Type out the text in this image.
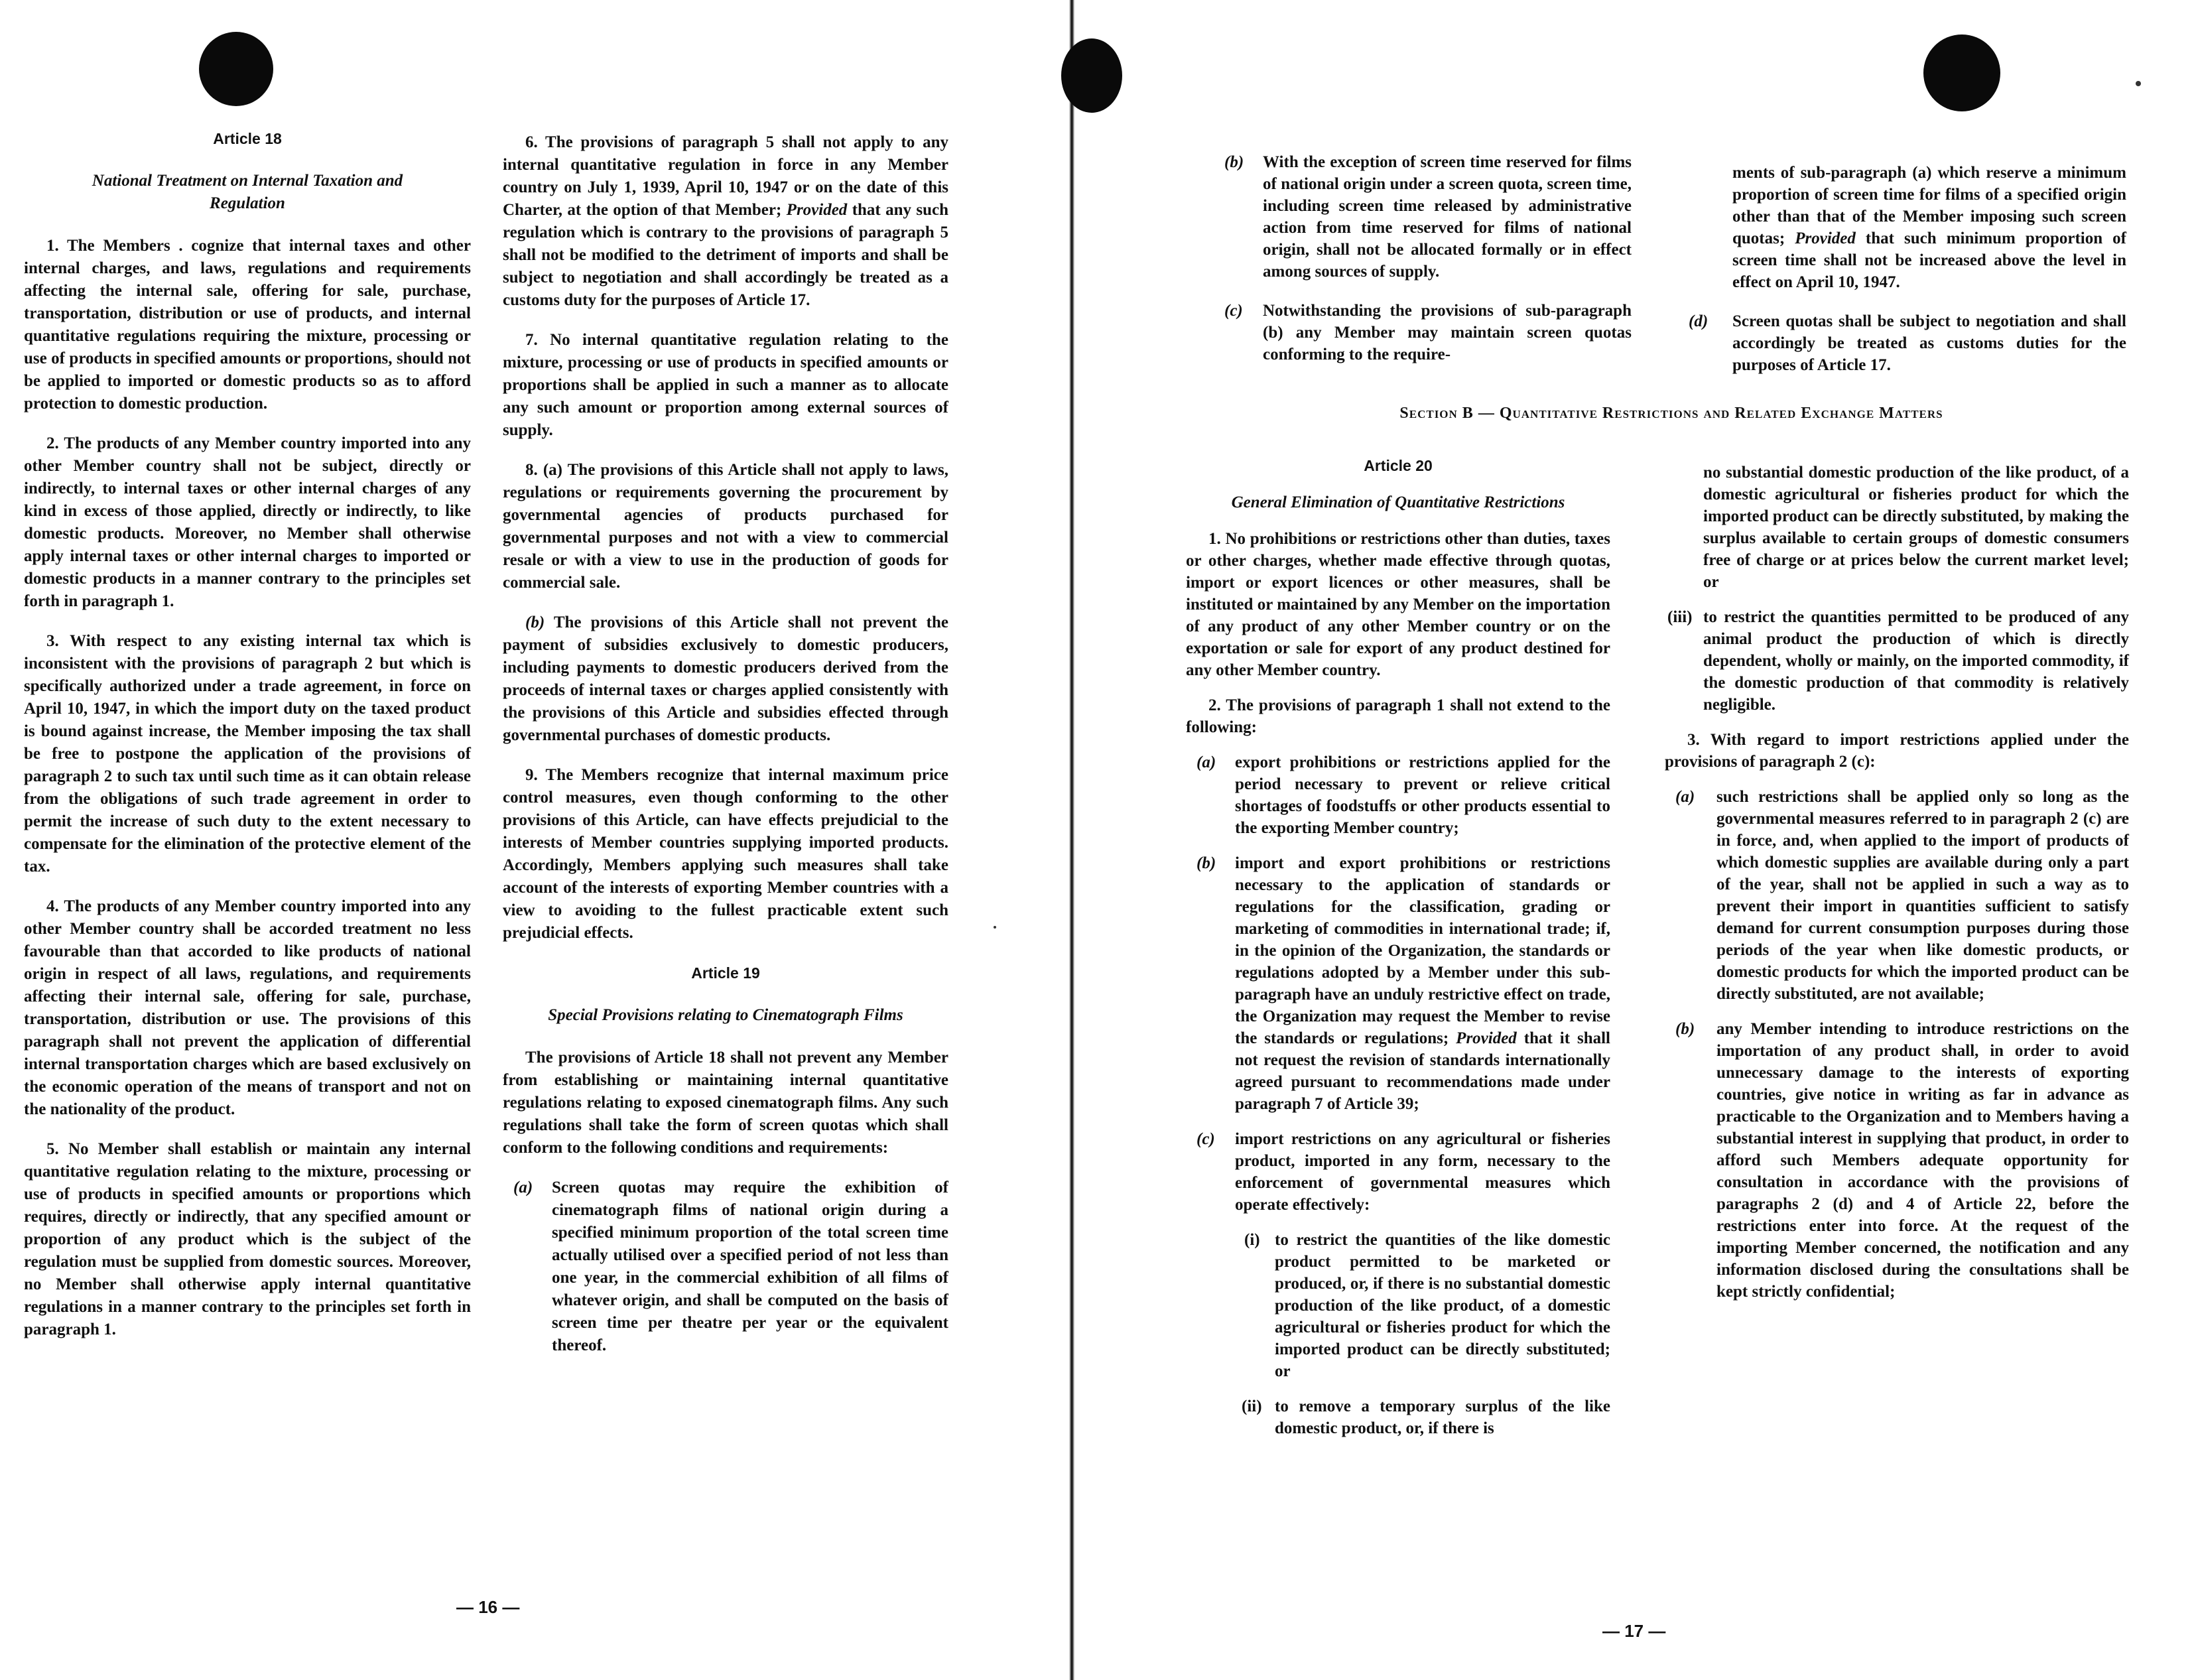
Article 18
National Treatment on Internal Taxation and Regulation

1. The Members . cognize that internal taxes and other internal charges, and laws, regulations and requirements affecting the internal sale, offering for sale, purchase, transportation, distribution or use of products, and internal quantitative regulations requiring the mixture, processing or use of products in specified amounts or proportions, should not be applied to imported or domestic products so as to afford protection to domestic production.

2. The products of any Member country imported into any other Member country shall not be subject, directly or indirectly, to internal taxes or other internal charges of any kind in excess of those applied, directly or indirectly, to like domestic products. Moreover, no Member shall otherwise apply internal taxes or other internal charges to imported or domestic products in a manner contrary to the principles set forth in paragraph 1.

3. With respect to any existing internal tax which is inconsistent with the provisions of paragraph 2 but which is specifically authorized under a trade agreement, in force on April 10, 1947, in which the import duty on the taxed product is bound against increase, the Member imposing the tax shall be free to postpone the application of the provisions of paragraph 2 to such tax until such time as it can obtain release from the obligations of such trade agreement in order to permit the increase of such duty to the extent necessary to compensate for the elimination of the protective element of the tax.

4. The products of any Member country imported into any other Member country shall be accorded treatment no less favourable than that accorded to like products of national origin in respect of all laws, regulations, and requirements affecting their internal sale, offering for sale, purchase, transportation, distribution or use. The provisions of this paragraph shall not prevent the application of differential internal transportation charges which are based exclusively on the economic operation of the means of transport and not on the nationality of the product.

5. No Member shall establish or maintain any internal quantitative regulation relating to the mixture, processing or use of products in specified amounts or proportions which requires, directly or indirectly, that any specified amount or proportion of any product which is the subject of the regulation must be supplied from domestic sources. Moreover, no Member shall otherwise apply internal quantitative regulations in a manner contrary to the principles set forth in paragraph 1.

6. The provisions of paragraph 5 shall not apply to any internal quantitative regulation in force in any Member country on July 1, 1939, April 10, 1947 or on the date of this Charter, at the option of that Member; Provided that any such regulation which is contrary to the provisions of paragraph 5 shall not be modified to the detriment of imports and shall be subject to negotiation and shall accordingly be treated as a customs duty for the purposes of Article 17.

7. No internal quantitative regulation relating to the mixture, processing or use of products in specified amounts or proportions shall be applied in such a manner as to allocate any such amount or proportion among external sources of supply.

8. (a) The provisions of this Article shall not apply to laws, regulations or requirements governing the procurement by governmental agencies of products purchased for governmental purposes and not with a view to commercial resale or with a view to use in the production of goods for commercial sale.

(b) The provisions of this Article shall not prevent the payment of subsidies exclusively to domestic producers, including payments to domestic producers derived from the proceeds of internal taxes or charges applied consistently with the provisions of this Article and subsidies effected through governmental purchases of domestic products.

9. The Members recognize that internal maximum price control measures, even though conforming to the other provisions of this Article, can have effects prejudicial to the interests of Member countries supplying imported products. Accordingly, Members applying such measures shall take account of the interests of exporting Member countries with a view to avoiding to the fullest practicable extent such prejudicial effects.

Article 19
Special Provisions relating to Cinematograph Films

The provisions of Article 18 shall not prevent any Member from establishing or maintaining internal quantitative regulations relating to exposed cinematograph films. Any such regulations shall take the form of screen quotas which shall conform to the following conditions and requirements:

(a) Screen quotas may require the exhibition of cinematograph films of national origin during a specified minimum proportion of the total screen time actually utilised over a specified period of not less than one year, in the commercial exhibition of all films of whatever origin, and shall be computed on the basis of screen time per theatre per year or the equivalent thereof.
— 16 —
(b) With the exception of screen time reserved for films of national origin under a screen quota, screen time, including screen time released by administrative action from time reserved for films of national origin, shall not be allocated formally or in effect among sources of supply.
(c) Notwithstanding the provisions of sub-paragraph (b) any Member may maintain screen quotas conforming to the require-
ments of sub-paragraph (a) which reserve a minimum proportion of screen time for films of a specified origin other than that of the Member imposing such screen quotas; Provided that such minimum proportion of screen time shall not be increased above the level in effect on April 10, 1947.
(d) Screen quotas shall be subject to negotiation and shall accordingly be treated as customs duties for the purposes of Article 17.
Section B — Quantitative Restrictions and Related Exchange Matters
Article 20
General Elimination of Quantitative Restrictions

1. No prohibitions or restrictions other than duties, taxes or other charges, whether made effective through quotas, import or export licences or other measures, shall be instituted or maintained by any Member on the importation of any product of any other Member country or on the exportation or sale for export of any product destined for any other Member country.

2. The provisions of paragraph 1 shall not extend to the following:

(a) export prohibitions or restrictions applied for the period necessary to prevent or relieve critical shortages of foodstuffs or other products essential to the exporting Member country;
(b) import and export prohibitions or restrictions necessary to the application of standards or regulations for the classification, grading or marketing of commodities in international trade; if, in the opinion of the Organization, the standards or regulations adopted by a Member under this sub-paragraph have an unduly restrictive effect on trade, the Organization may request the Member to revise the standards or regulations; Provided that it shall not request the revision of standards internationally agreed pursuant to recommendations made under paragraph 7 of Article 39;
(c) import restrictions on any agricultural or fisheries product, imported in any form, necessary to the enforcement of governmental measures which operate effectively:
(i) to restrict the quantities of the like domestic product permitted to be marketed or produced, or, if there is no substantial domestic production of the like product, of a domestic agricultural or fisheries product for which the imported product can be directly substituted; or
(ii) to remove a temporary surplus of the like domestic product, or, if there is
no substantial domestic production of the like product, of a domestic agricultural or fisheries product for which the imported product can be directly substituted, by making the surplus available to certain groups of domestic consumers free of charge or at prices below the current market level; or
(iii) to restrict the quantities permitted to be produced of any animal product the production of which is directly dependent, wholly or mainly, on the imported commodity, if the domestic production of that commodity is relatively negligible.

3. With regard to import restrictions applied under the provisions of paragraph 2 (c):

(a) such restrictions shall be applied only so long as the governmental measures referred to in paragraph 2 (c) are in force, and, when applied to the import of products of which domestic supplies are available during only a part of the year, shall not be applied in such a way as to prevent their import in quantities sufficient to satisfy demand for current consumption purposes during those periods of the year when like domestic products, or domestic products for which the imported product can be directly substituted, are not available;
(b) any Member intending to introduce restrictions on the importation of any product shall, in order to avoid unnecessary damage to the interests of exporting countries, give notice in writing as far in advance as practicable to the Organization and to Members having a substantial interest in supplying that product, in order to afford such Members adequate opportunity for consultation in accordance with the provisions of paragraphs 2 (d) and 4 of Article 22, before the restrictions enter into force. At the request of the importing Member concerned, the notification and any information disclosed during the consultations shall be kept strictly confidential;
— 17 —
